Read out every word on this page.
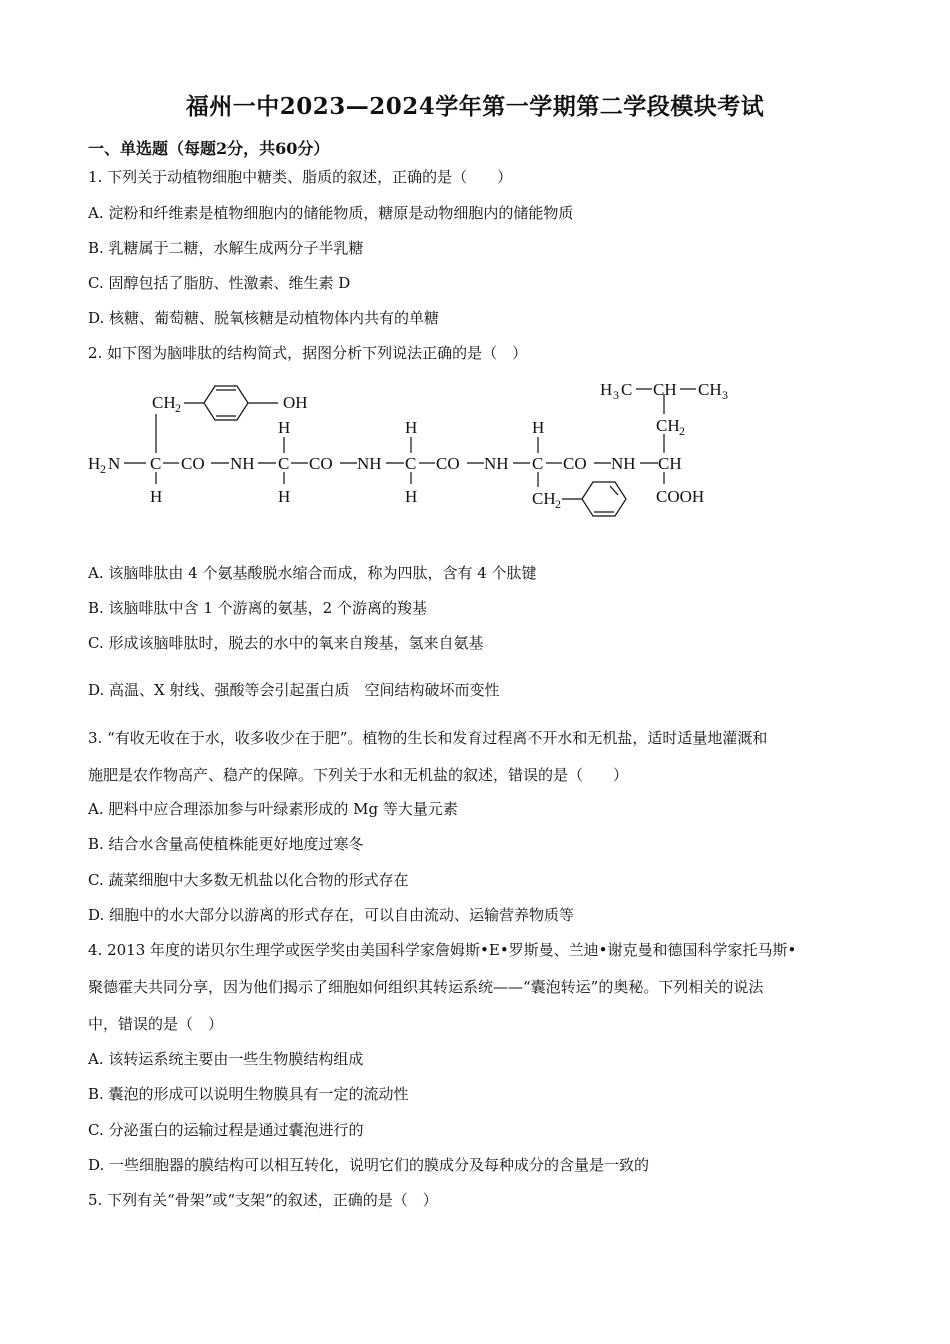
福州一中2023—2024学年第一学期第二学段模块考试
一、单选题（每题2分，共60分）
1. 下列关于动植物细胞中糖类、脂质的叙述，正确的是（　　）
A. 淀粉和纤维素是植物细胞内的储能物质，糖原是动物细胞内的储能物质
B. 乳糖属于二糖，水解生成两分子半乳糖
C. 固醇包括了脂肪、性激素、维生素 D
D. 核糖、葡萄糖、脱氧核糖是动植物体内共有的单糖
2. 如下图为脑啡肽的结构简式，据图分析下列说法正确的是（　）
H 2 N C
H
CH 2	OH
CO NH
H
C
H
CO NH
H
C
H
CO NH
H
C
CH 2
CO NH CH
COOH
CH 2
H 3 C CH CH 3
A. 该脑啡肽由 4 个氨基酸脱水缩合而成，称为四肽，含有 4 个肽键
B. 该脑啡肽中含 1 个游离的氨基，2 个游离的羧基
C. 形成该脑啡肽时，脱去的水中的氧来自羧基，氢来自氨基
D. 高温、X 射线、强酸等会引起蛋白质　空间结构破坏而变性
3. “有收无收在于水，收多收少在于肥”。植物的生长和发育过程离不开水和无机盐，适时适量地灌溉和
施肥是农作物高产、稳产的保障。下列关于水和无机盐的叙述，错误的是（　　）
A. 肥料中应合理添加参与叶绿素形成的 Mg 等大量元素
B. 结合水含量高使植株能更好地度过寒冬
C. 蔬菜细胞中大多数无机盐以化合物的形式存在
D. 细胞中的水大部分以游离的形式存在，可以自由流动、运输营养物质等
4. 2013 年度的诺贝尔生理学或医学奖由美国科学家詹姆斯•E•罗斯曼、兰迪•谢克曼和德国科学家托马斯•
聚德霍夫共同分享，因为他们揭示了细胞如何组织其转运系统——“囊泡转运”的奥秘。下列相关的说法
中，错误的是（　）
A. 该转运系统主要由一些生物膜结构组成
B. 囊泡的形成可以说明生物膜具有一定的流动性
C. 分泌蛋白的运输过程是通过囊泡进行的
D. 一些细胞器的膜结构可以相互转化，说明它们的膜成分及每种成分的含量是一致的
5. 下列有关“骨架”或“支架”的叙述，正确的是（　）
